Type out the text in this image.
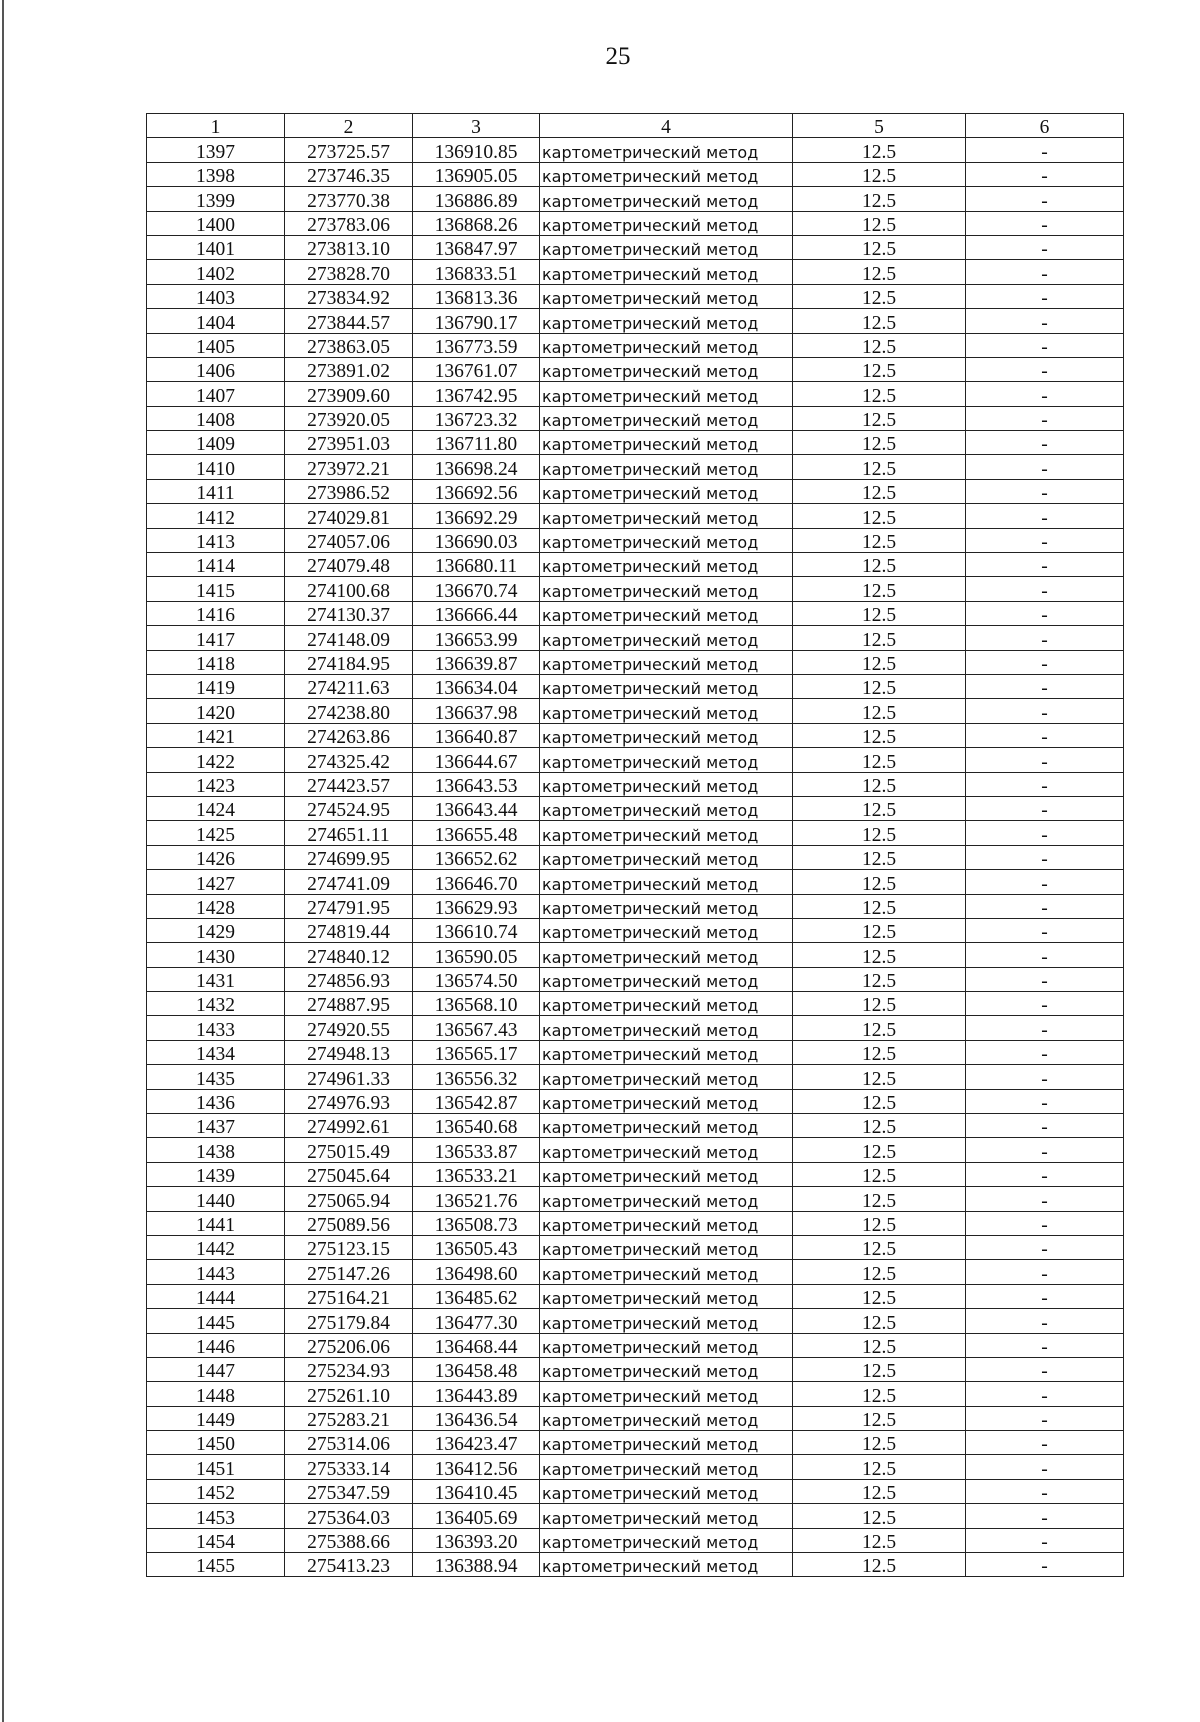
25
1	2	3	4	5	6
1397	273725.57	136910.85	картометрический метод	12.5	-
1398	273746.35	136905.05	картометрический метод	12.5	-
1399	273770.38	136886.89	картометрический метод	12.5	-
1400	273783.06	136868.26	картометрический метод	12.5	-
1401	273813.10	136847.97	картометрический метод	12.5	-
1402	273828.70	136833.51	картометрический метод	12.5	-
1403	273834.92	136813.36	картометрический метод	12.5	-
1404	273844.57	136790.17	картометрический метод	12.5	-
1405	273863.05	136773.59	картометрический метод	12.5	-
1406	273891.02	136761.07	картометрический метод	12.5	-
1407	273909.60	136742.95	картометрический метод	12.5	-
1408	273920.05	136723.32	картометрический метод	12.5	-
1409	273951.03	136711.80	картометрический метод	12.5	-
1410	273972.21	136698.24	картометрический метод	12.5	-
1411	273986.52	136692.56	картометрический метод	12.5	-
1412	274029.81	136692.29	картометрический метод	12.5	-
1413	274057.06	136690.03	картометрический метод	12.5	-
1414	274079.48	136680.11	картометрический метод	12.5	-
1415	274100.68	136670.74	картометрический метод	12.5	-
1416	274130.37	136666.44	картометрический метод	12.5	-
1417	274148.09	136653.99	картометрический метод	12.5	-
1418	274184.95	136639.87	картометрический метод	12.5	-
1419	274211.63	136634.04	картометрический метод	12.5	-
1420	274238.80	136637.98	картометрический метод	12.5	-
1421	274263.86	136640.87	картометрический метод	12.5	-
1422	274325.42	136644.67	картометрический метод	12.5	-
1423	274423.57	136643.53	картометрический метод	12.5	-
1424	274524.95	136643.44	картометрический метод	12.5	-
1425	274651.11	136655.48	картометрический метод	12.5	-
1426	274699.95	136652.62	картометрический метод	12.5	-
1427	274741.09	136646.70	картометрический метод	12.5	-
1428	274791.95	136629.93	картометрический метод	12.5	-
1429	274819.44	136610.74	картометрический метод	12.5	-
1430	274840.12	136590.05	картометрический метод	12.5	-
1431	274856.93	136574.50	картометрический метод	12.5	-
1432	274887.95	136568.10	картометрический метод	12.5	-
1433	274920.55	136567.43	картометрический метод	12.5	-
1434	274948.13	136565.17	картометрический метод	12.5	-
1435	274961.33	136556.32	картометрический метод	12.5	-
1436	274976.93	136542.87	картометрический метод	12.5	-
1437	274992.61	136540.68	картометрический метод	12.5	-
1438	275015.49	136533.87	картометрический метод	12.5	-
1439	275045.64	136533.21	картометрический метод	12.5	-
1440	275065.94	136521.76	картометрический метод	12.5	-
1441	275089.56	136508.73	картометрический метод	12.5	-
1442	275123.15	136505.43	картометрический метод	12.5	-
1443	275147.26	136498.60	картометрический метод	12.5	-
1444	275164.21	136485.62	картометрический метод	12.5	-
1445	275179.84	136477.30	картометрический метод	12.5	-
1446	275206.06	136468.44	картометрический метод	12.5	-
1447	275234.93	136458.48	картометрический метод	12.5	-
1448	275261.10	136443.89	картометрический метод	12.5	-
1449	275283.21	136436.54	картометрический метод	12.5	-
1450	275314.06	136423.47	картометрический метод	12.5	-
1451	275333.14	136412.56	картометрический метод	12.5	-
1452	275347.59	136410.45	картометрический метод	12.5	-
1453	275364.03	136405.69	картометрический метод	12.5	-
1454	275388.66	136393.20	картометрический метод	12.5	-
1455	275413.23	136388.94	картометрический метод	12.5	-
